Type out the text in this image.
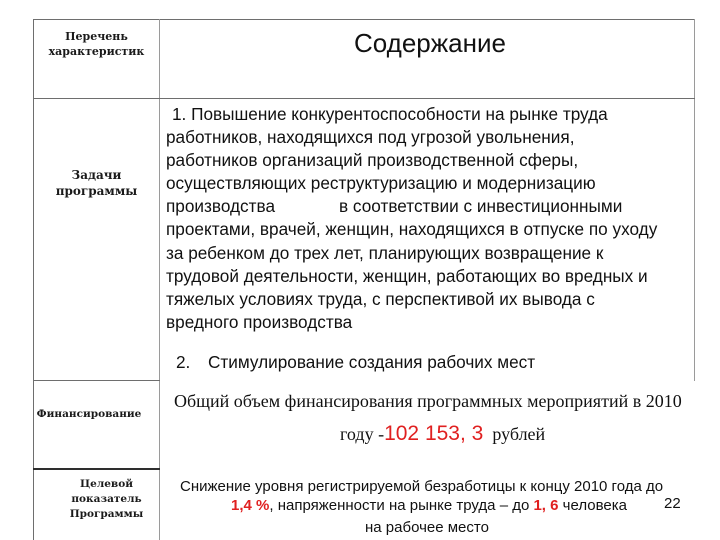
Перечень
характеристик
Задачи
программы
Финансирование
Целевой
показатель
Программы
Содержание
1. Повышение конкурентоспособности на рынке труда
работников, находящихся под угрозой увольнения,
работников организаций производственной сферы,
осуществляющих реструктуризацию и модернизацию
производства	в соответствии с инвестиционными
проектами, врачей, женщин, находящихся в отпуске по уходу
за ребенком до трех лет, планирующих возвращение к
трудовой деятельности, женщин, работающих во вредных и
тяжелых условиях труда, с перспективой их вывода с
вредного производства
2. Стимулирование создания рабочих мест
Общий объем финансирования программных мероприятий в 2010
году -102 153, 3 рублей
Снижение уровня регистрируемой безработицы к концу 2010 года до
1,4 %, напряженности на рынке труда – до 1, 6 человека
на рабочее место
22
